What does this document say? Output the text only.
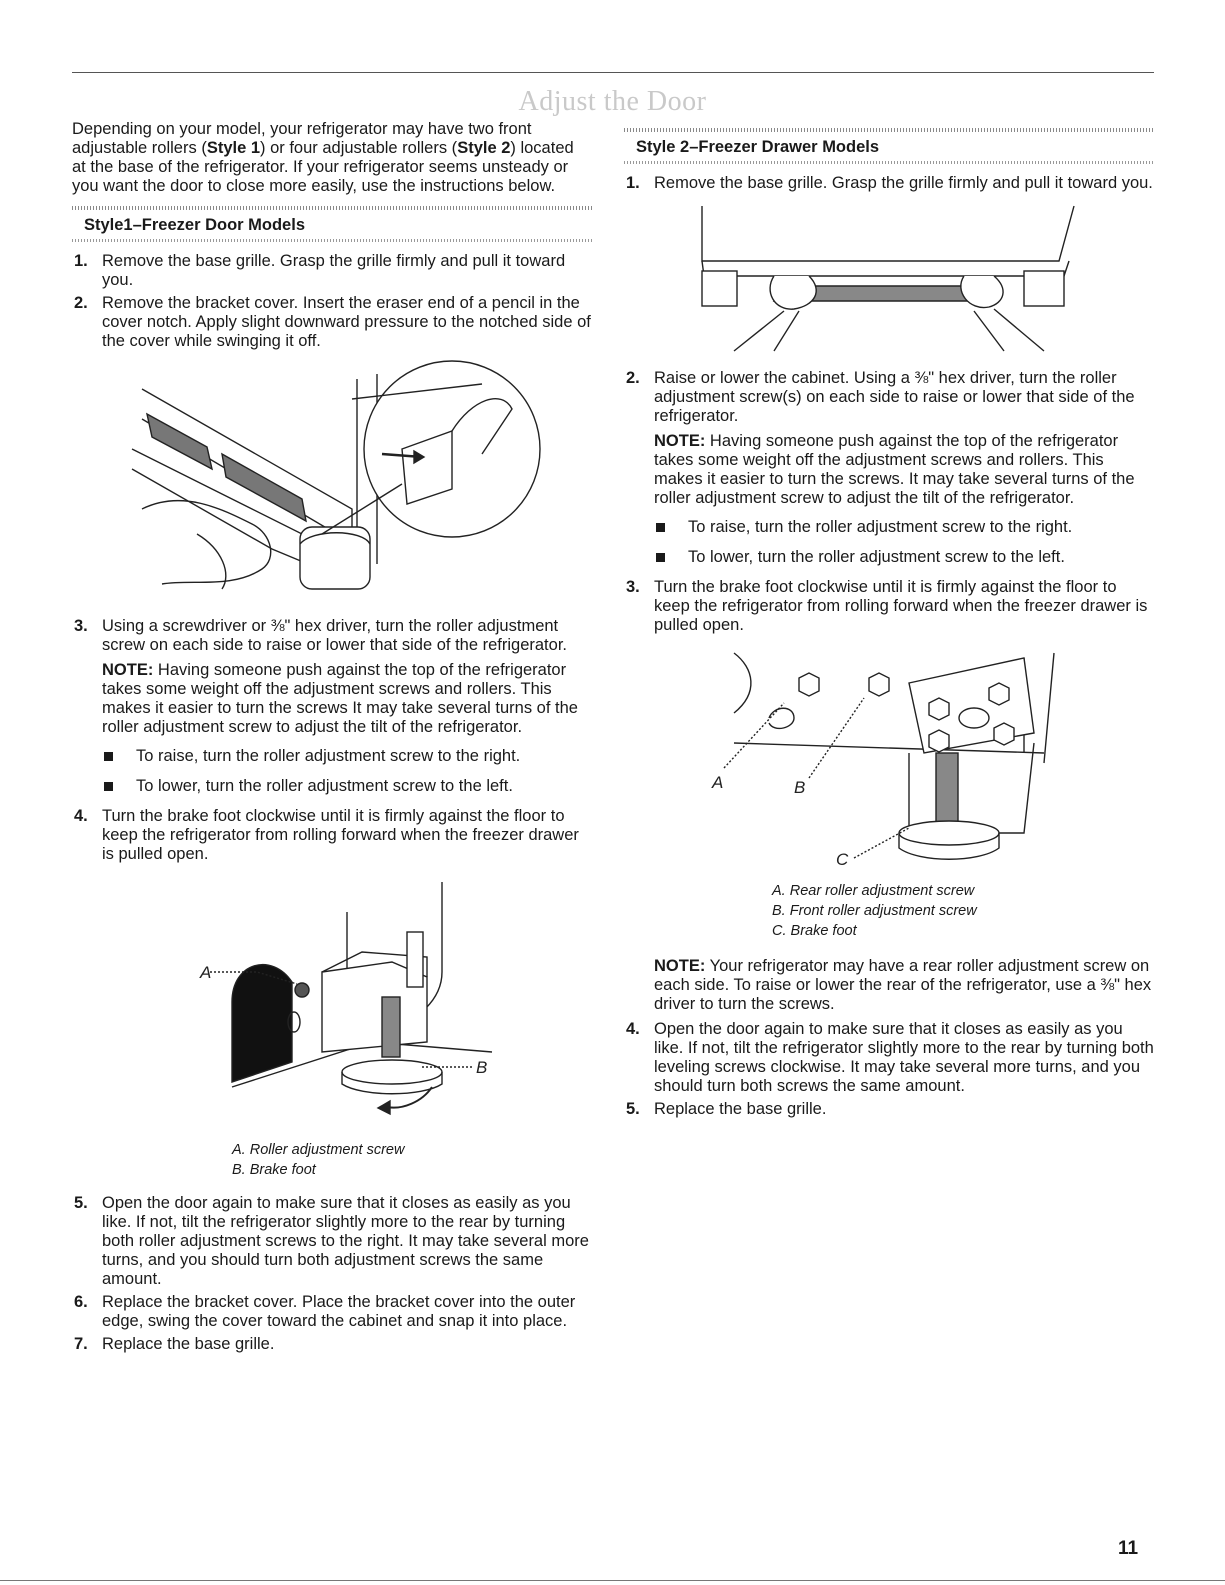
Adjust the Door

Depending on your model, your refrigerator may have two front adjustable rollers (Style 1) or four adjustable rollers (Style 2) located at the base of the refrigerator. If your refrigerator seems unsteady or you want the door to close more easily, use the instructions below.

Style1–Freezer Door Models
1. Remove the base grille. Grasp the grille firmly and pull it toward you.
2. Remove the bracket cover. Insert the eraser end of a pencil in the cover notch. Apply slight downward pressure to the notched side of the cover while swinging it off.
3. Using a screwdriver or ⅜" hex driver, turn the roller adjustment screw on each side to raise or lower that side of the refrigerator.

NOTE: Having someone push against the top of the refrigerator takes some weight off the adjustment screws and rollers. This makes it easier to turn the screws It may take several turns of the roller adjustment screw to adjust the tilt of the refrigerator.

To raise, turn the roller adjustment screw to the right.
To lower, turn the roller adjustment screw to the left.
4. Turn the brake foot clockwise until it is firmly against the floor to keep the refrigerator from rolling forward when the freezer drawer is pulled open.
A
B
A. Roller adjustment screw
B. Brake foot
5. Open the door again to make sure that it closes as easily as you like. If not, tilt the refrigerator slightly more to the rear by turning both roller adjustment screws to the right. It may take several more turns, and you should turn both adjustment screws the same amount.
6. Replace the bracket cover. Place the bracket cover into the outer edge, swing the cover toward the cabinet and snap it into place.
7. Replace the base grille.
Style 2–Freezer Drawer Models
1. Remove the base grille. Grasp the grille firmly and pull it toward you.
2. Raise or lower the cabinet. Using a ⅜" hex driver, turn the roller adjustment screw(s) on each side to raise or lower that side of the refrigerator.

NOTE: Having someone push against the top of the refrigerator takes some weight off the adjustment screws and rollers. This makes it easier to turn the screws. It may take several turns of the roller adjustment screw to adjust the tilt of the refrigerator.

To raise, turn the roller adjustment screw to the right.
To lower, turn the roller adjustment screw to the left.
3. Turn the brake foot clockwise until it is firmly against the floor to keep the refrigerator from rolling forward when the freezer drawer is pulled open.
A	B
C
A. Rear roller adjustment screw
B. Front roller adjustment screw
C. Brake foot

NOTE: Your refrigerator may have a rear roller adjustment screw on each side. To raise or lower the rear of the refrigerator, use a ⅜" hex driver to turn the screws.

4. Open the door again to make sure that it closes as easily as you like. If not, tilt the refrigerator slightly more to the rear by turning both leveling screws clockwise. It may take several more turns, and you should turn both screws the same amount.
5. Replace the base grille.
11
